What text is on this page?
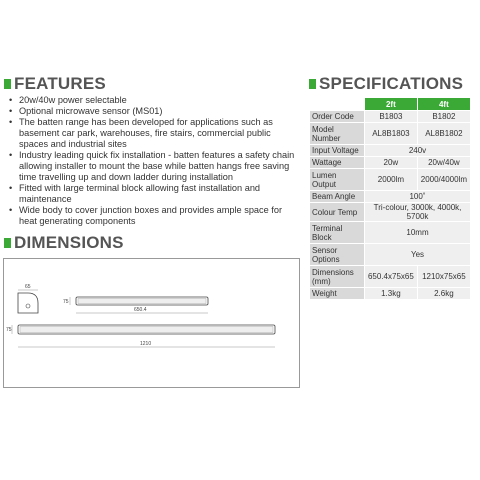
FEATURES
• 20w/40w power selectable
• Optional microwave sensor (MS01)
• The batten range has been developed for applications such as basement car park, warehouses, fire stairs, commercial public spaces and industrial sites
• Industry leading quick fix installation - batten features a safety chain allowing installer to mount the base while batten hangs free saving time travelling up and down ladder during installation
• Fitted with large terminal block allowing fast installation and maintenance
• Wide body to cover junction boxes and provides ample space for heat generating components
DIMENSIONS
65
75
650.4
75
1210
SPECIFICATIONS
	2ft	4ft
Order Code	B1803	B1802
Model Number	AL8B1803	AL8B1802
Input Voltage	240v	
Wattage	20w	20w/40w
Lumen Output	2000lm	2000/4000lm
Beam Angle	100˚	
Colour Temp	Tri-colour, 3000k, 4000k, 5700k	
Terminal Block	10mm	
Sensor Options	Yes	
Dimensions (mm)	650.4x75x65	1210x75x65
Weight	1.3kg	2.6kg
